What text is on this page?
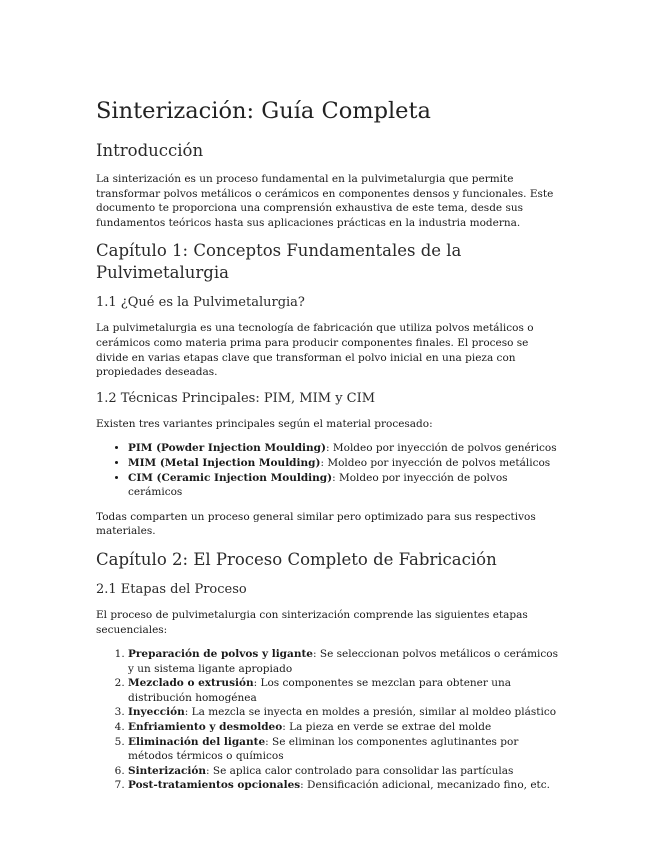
Sinterización: Guía Completa
Introducción

La sinterización es un proceso fundamental en la pulvimetalurgia que permite transformar polvos metálicos o cerámicos en componentes densos y funcionales. Este documento te proporciona una comprensión exhaustiva de este tema, desde sus fundamentos teóricos hasta sus aplicaciones prácticas en la industria moderna.

Capítulo 1: Conceptos Fundamentales de la Pulvimetalurgia
1.1 ¿Qué es la Pulvimetalurgia?

La pulvimetalurgia es una tecnología de fabricación que utiliza polvos metálicos o cerámicos como materia prima para producir componentes finales. El proceso se divide en varias etapas clave que transforman el polvo inicial en una pieza con propiedades deseadas.

1.2 Técnicas Principales: PIM, MIM y CIM

Existen tres variantes principales según el material procesado:

• PIM (Powder Injection Moulding): Moldeo por inyección de polvos genéricos
• MIM (Metal Injection Moulding): Moldeo por inyección de polvos metálicos
• CIM (Ceramic Injection Moulding): Moldeo por inyección de polvos cerámicos

Todas comparten un proceso general similar pero optimizado para sus respectivos materiales.

Capítulo 2: El Proceso Completo de Fabricación
2.1 Etapas del Proceso

El proceso de pulvimetalurgia con sinterización comprende las siguientes etapas secuenciales:

1. Preparación de polvos y ligante: Se seleccionan polvos metálicos o cerámicos y un sistema ligante apropiado
2. Mezclado o extrusión: Los componentes se mezclan para obtener una distribución homogénea
3. Inyección: La mezcla se inyecta en moldes a presión, similar al moldeo plástico
4. Enfriamiento y desmoldeo: La pieza en verde se extrae del molde
5. Eliminación del ligante: Se eliminan los componentes aglutinantes por métodos térmicos o químicos
6. Sinterización: Se aplica calor controlado para consolidar las partículas
7. Post-tratamientos opcionales: Densificación adicional, mecanizado fino, etc.
